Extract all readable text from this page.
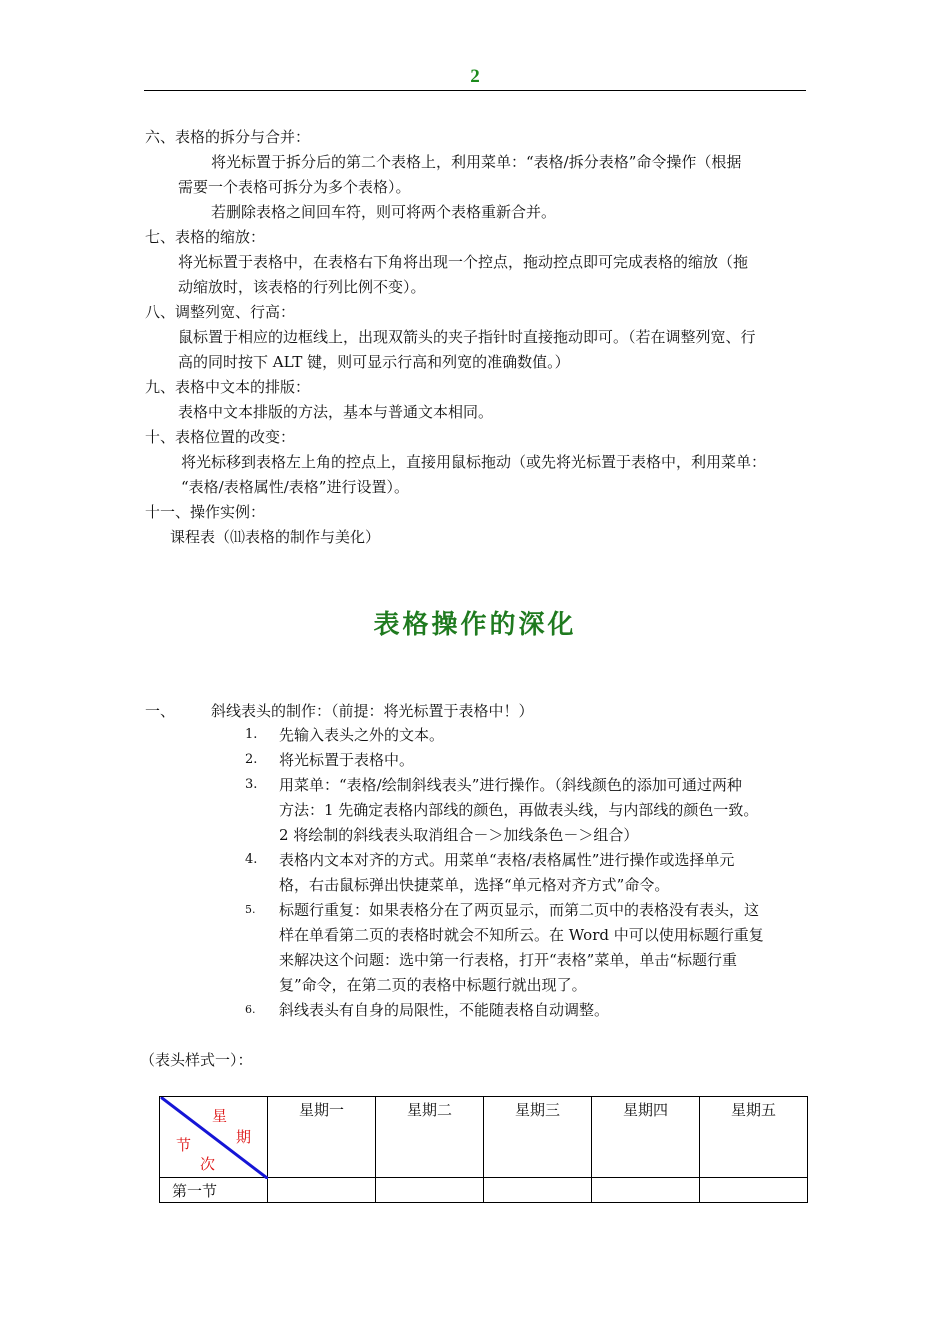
2
六、表格的拆分与合并：
将光标置于拆分后的第二个表格上，利用菜单：“表格/拆分表格”命令操作（根据
需要一个表格可拆分为多个表格）。
若删除表格之间回车符，则可将两个表格重新合并。
七、表格的缩放：
将光标置于表格中，在表格右下角将出现一个控点，拖动控点即可完成表格的缩放（拖
动缩放时，该表格的行列比例不变）。
八、调整列宽、行高：
鼠标置于相应的边框线上，出现双箭头的夹子指针时直接拖动即可。（若在调整列宽、行
高的同时按下 ALT 键，则可显示行高和列宽的准确数值。）
九、表格中文本的排版：
表格中文本排版的方法，基本与普通文本相同。
十、表格位置的改变：
将光标移到表格左上角的控点上，直接用鼠标拖动（或先将光标置于表格中，利用菜单：
“表格/表格属性/表格”进行设置）。
十一、操作实例：
课程表（⑾表格的制作与美化）
表格操作的深化
一、 斜线表头的制作：（前提：将光标置于表格中！）
1. 先输入表头之外的文本。
2. 将光标置于表格中。
3. 用菜单：“表格/绘制斜线表头”进行操作。（斜线颜色的添加可通过两种
方法：1 先确定表格内部线的颜色，再做表头线，与内部线的颜色一致。
2 将绘制的斜线表头取消组合－＞加线条色－＞组合）
4. 表格内文本对齐的方式。用菜单“表格/表格属性”进行操作或选择单元
格，右击鼠标弹出快捷菜单，选择“单元格对齐方式”命令。
5. 标题行重复：如果表格分在了两页显示，而第二页中的表格没有表头，这
样在单看第二页的表格时就会不知所云。在 Word 中可以使用标题行重复
来解决这个问题：选中第一行表格，打开“表格”菜单，单击“标题行重
复”命令，在第二页的表格中标题行就出现了。
6. 斜线表头有自身的局限性，不能随表格自动调整。
（表头样式一）：
星
期
节
次	星期一	星期二	星期三	星期四	星期五
第一节					
